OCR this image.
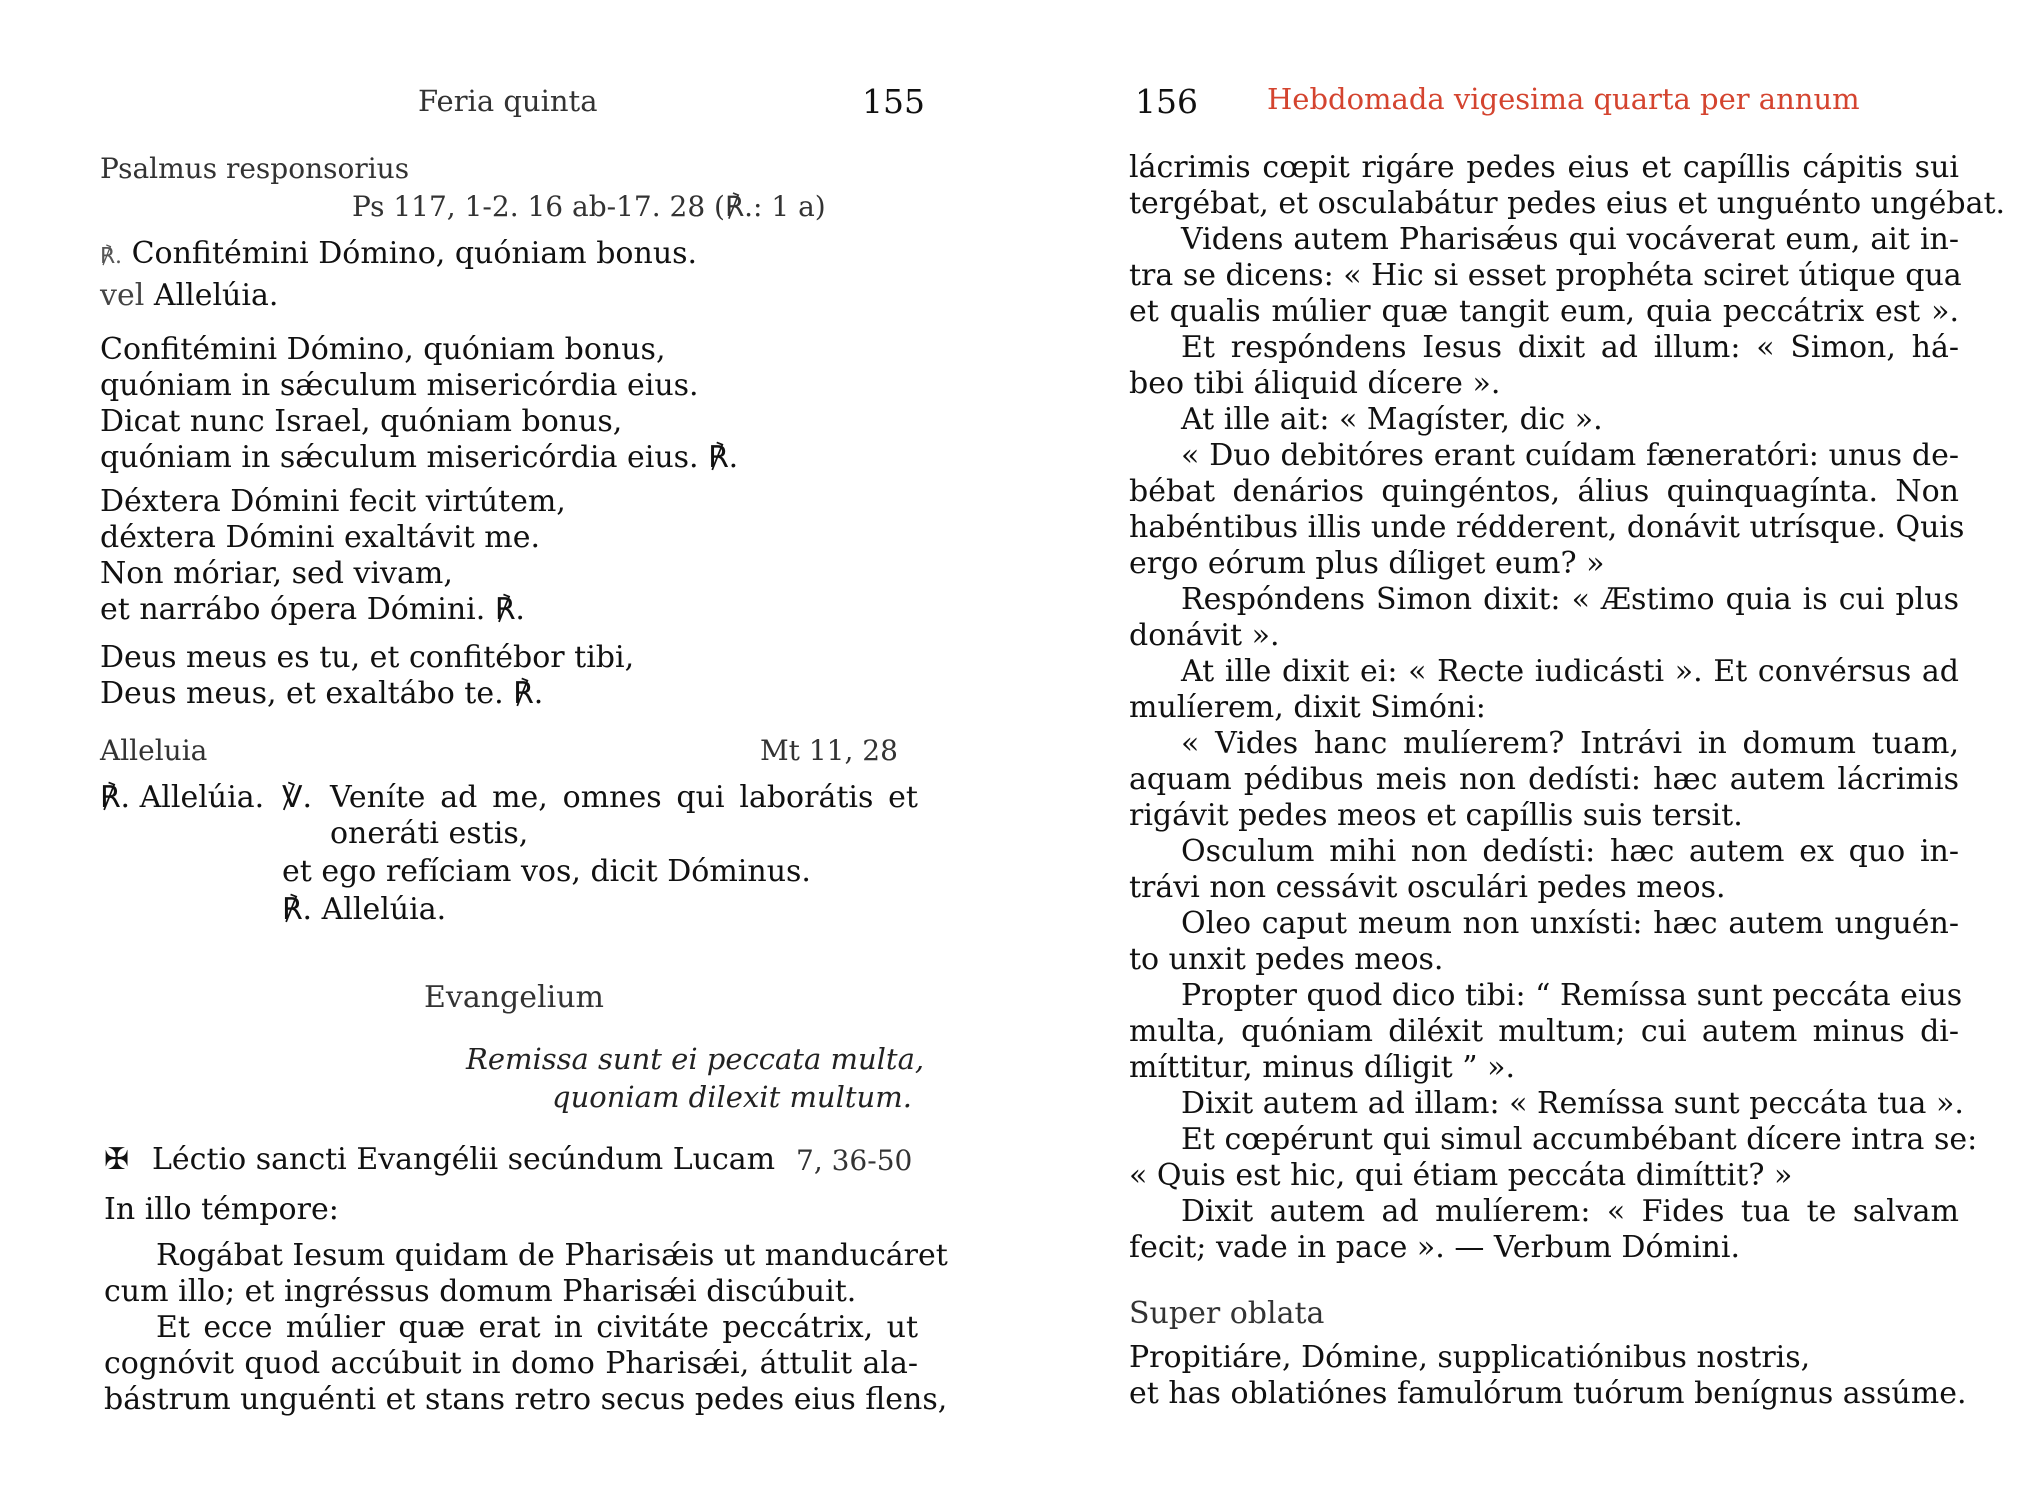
Feria quinta	155
Psalmus responsorius
Ps 117, 1-2. 16 ab-17. 28 (℟.: 1 a)
℟. Confitémini Dómino, quóniam bonus.
vel Allelúia.
Confitémini Dómino, quóniam bonus,
quóniam in sǽculum misericórdia eius.
Dicat nunc Israel, quóniam bonus,
quóniam in sǽculum misericórdia eius. ℟.
Déxtera Dómini fecit virtútem,
déxtera Dómini exaltávit me.
Non móriar, sed vivam,
et narrábo ópera Dómini. ℟.
Deus meus es tu, et confitébor tibi,
Deus meus, et exaltábo te. ℟.
Alleluia	Mt 11, 28
℟. Allelúia. ℣. Veníte ad me, omnes qui laborátis et
oneráti estis,
et ego refíciam vos, dicit Dóminus.
℟. Allelúia.
Evangelium
Remissa sunt ei peccata multa,
quoniam dilexit multum.
✠ Léctio sancti Evangélii secúndum Lucam 7, 36-50
In illo témpore:
Rogábat Iesum quidam de Pharisǽis ut manducáret
cum illo; et ingréssus domum Pharisǽi discúbuit.
Et ecce múlier quæ erat in civitáte peccátrix, ut
cognóvit quod accúbuit in domo Pharisǽi, áttulit ala-
bástrum unguénti et stans retro secus pedes eius flens,
156 Hebdomada vigesima quarta per annum
lácrimis cœpit rigáre pedes eius et capíllis cápitis sui
tergébat, et osculabátur pedes eius et unguénto ungébat.
Videns autem Pharisǽus qui vocáverat eum, ait in-
tra se dicens: « Hic si esset prophéta sciret útique qua
et qualis múlier quæ tangit eum, quia peccátrix est ».
Et respóndens Iesus dixit ad illum: « Simon, há-
beo tibi áliquid dícere ».
At ille ait: « Magíster, dic ».
« Duo debitóres erant cuídam fæneratóri: unus de-
bébat denários quingéntos, álius quinquagínta. Non
habéntibus illis unde rédderent, donávit utrísque. Quis
ergo eórum plus díliget eum? »
Respóndens Simon dixit: « Æstimo quia is cui plus
donávit ».
At ille dixit ei: « Recte iudicásti ». Et convérsus ad
mulíerem, dixit Simóni:
« Vides hanc mulíerem? Intrávi in domum tuam,
aquam pédibus meis non dedísti: hæc autem lácrimis
rigávit pedes meos et capíllis suis tersit.
Osculum mihi non dedísti: hæc autem ex quo in-
trávi non cessávit osculári pedes meos.
Oleo caput meum non unxísti: hæc autem unguén-
to unxit pedes meos.
Propter quod dico tibi: “ Remíssa sunt peccáta eius
multa, quóniam diléxit multum; cui autem minus di-
míttitur, minus díligit ” ».
Dixit autem ad illam: « Remíssa sunt peccáta tua ».
Et cœpérunt qui simul accumbébant dícere intra se:
« Quis est hic, qui étiam peccáta dimíttit? »
Dixit autem ad mulíerem: « Fides tua te salvam
fecit; vade in pace ». — Verbum Dómini.
Super oblata
Propitiáre, Dómine, supplicatiónibus nostris,
et has oblatiónes famulórum tuórum benígnus assúme.
